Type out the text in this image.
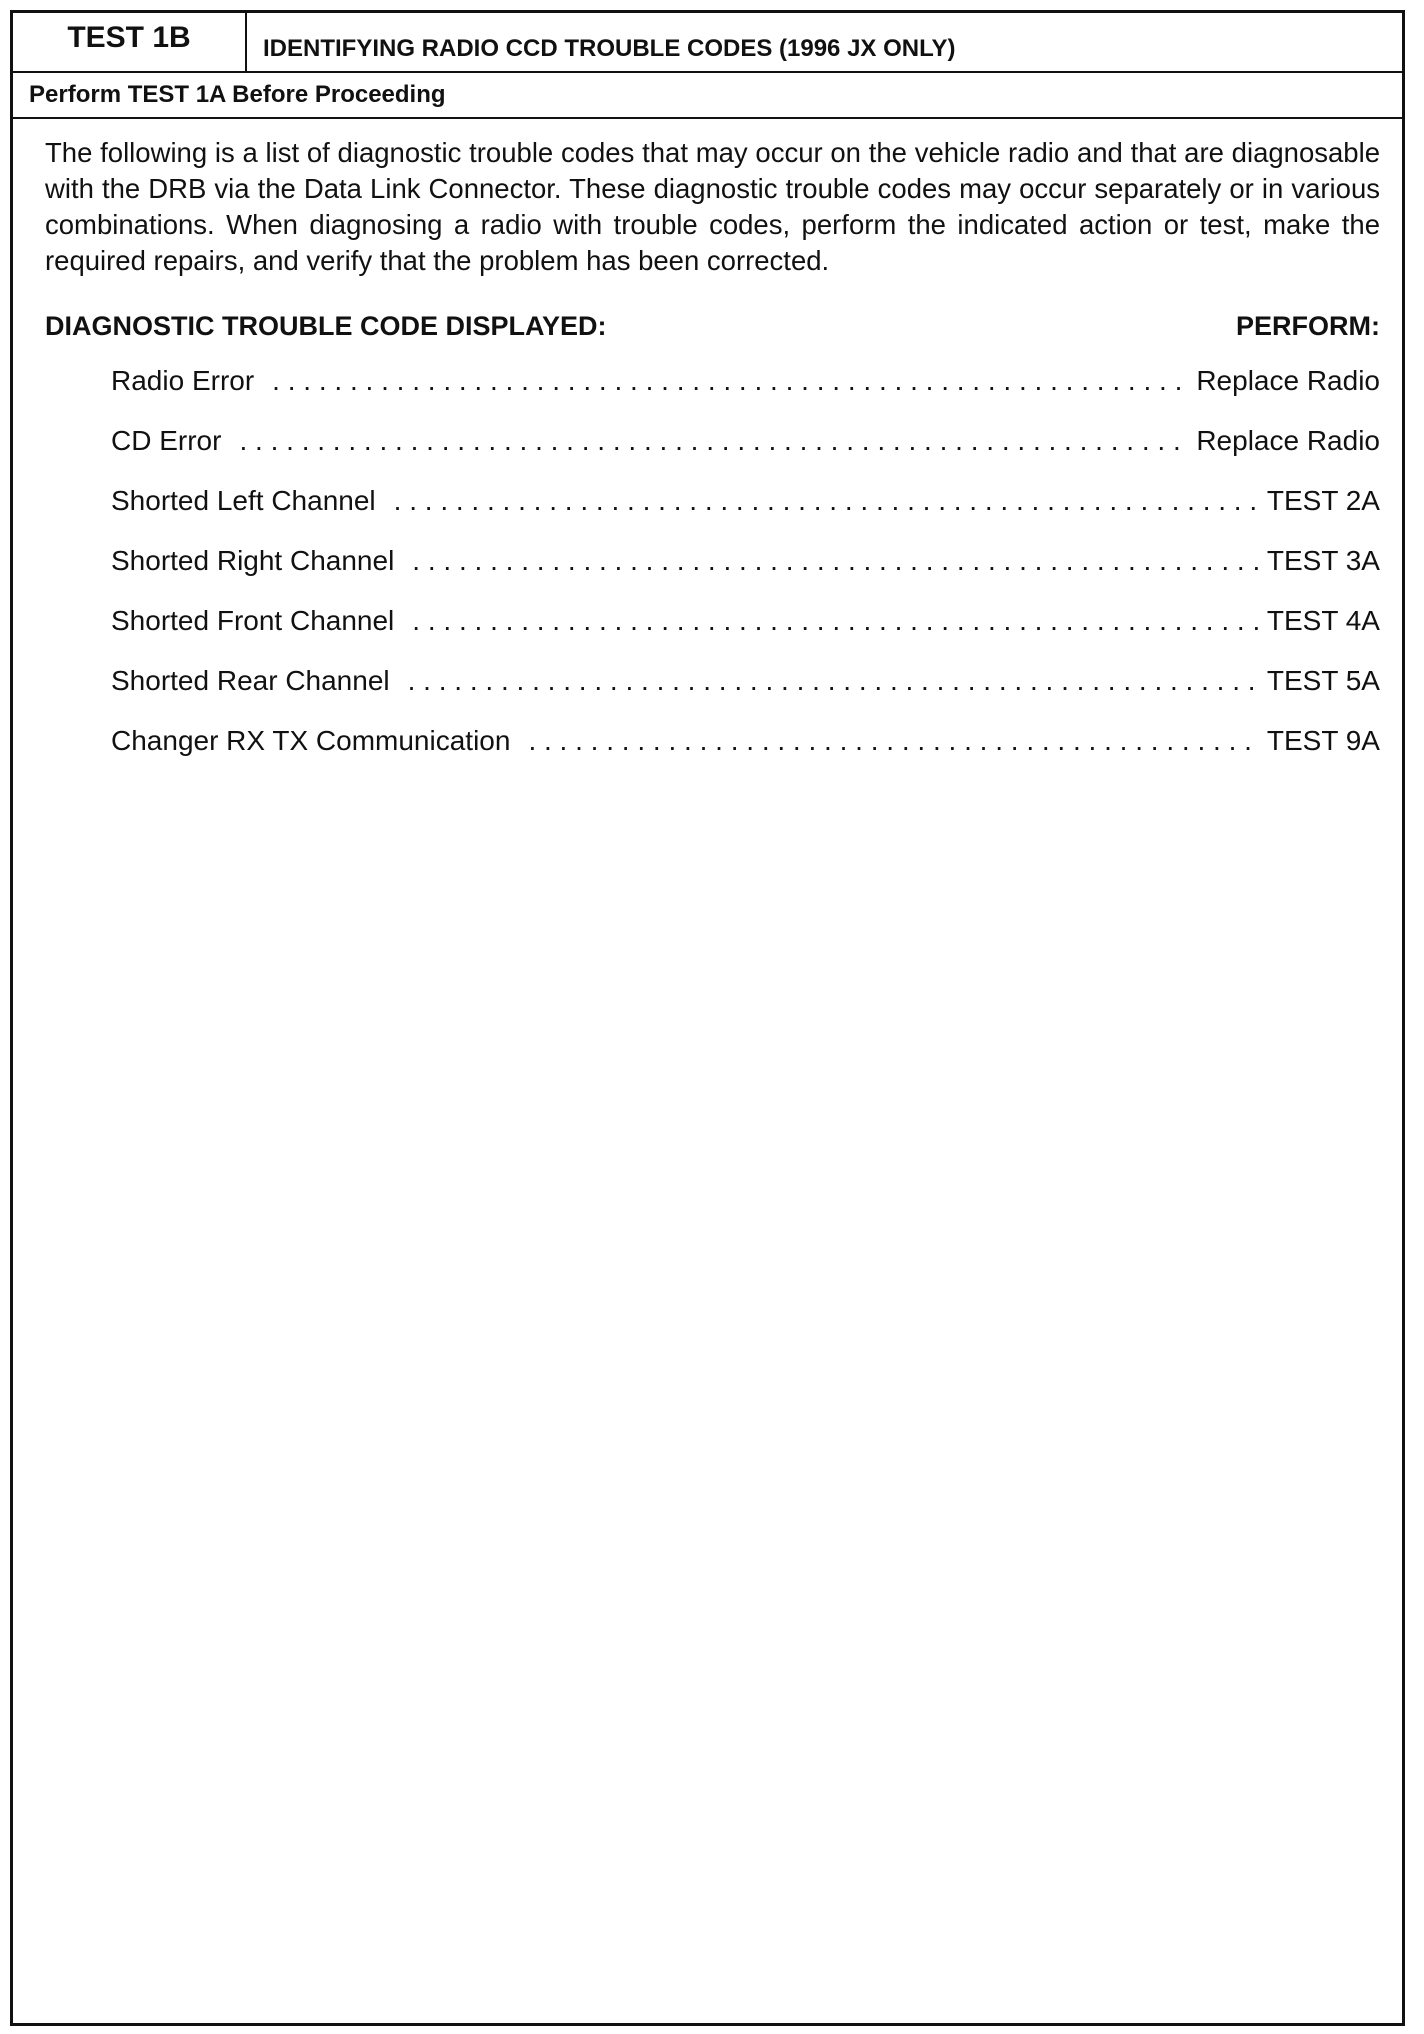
TEST 1B	IDENTIFYING RADIO CCD TROUBLE CODES (1996 JX ONLY)
Perform TEST 1A Before Proceeding

The following is a list of diagnostic trouble codes that may occur on the vehicle radio and that are diagnosable with the DRB via the Data Link Connector. These diagnostic trouble codes may occur separately or in various combinations. When diagnosing a radio with trouble codes, perform the indicated action or test, make the required repairs, and verify that the problem has been corrected.

DIAGNOSTIC TROUBLE CODE DISPLAYED:	PERFORM:
Radio Error . . .	Replace Radio
CD Error . . .	Replace Radio
Shorted Left Channel . . .	TEST 2A
Shorted Right Channel . . .	TEST 3A
Shorted Front Channel . . .	TEST 4A
Shorted Rear Channel . . .	TEST 5A
Changer RX TX Communication . . .	TEST 9A
